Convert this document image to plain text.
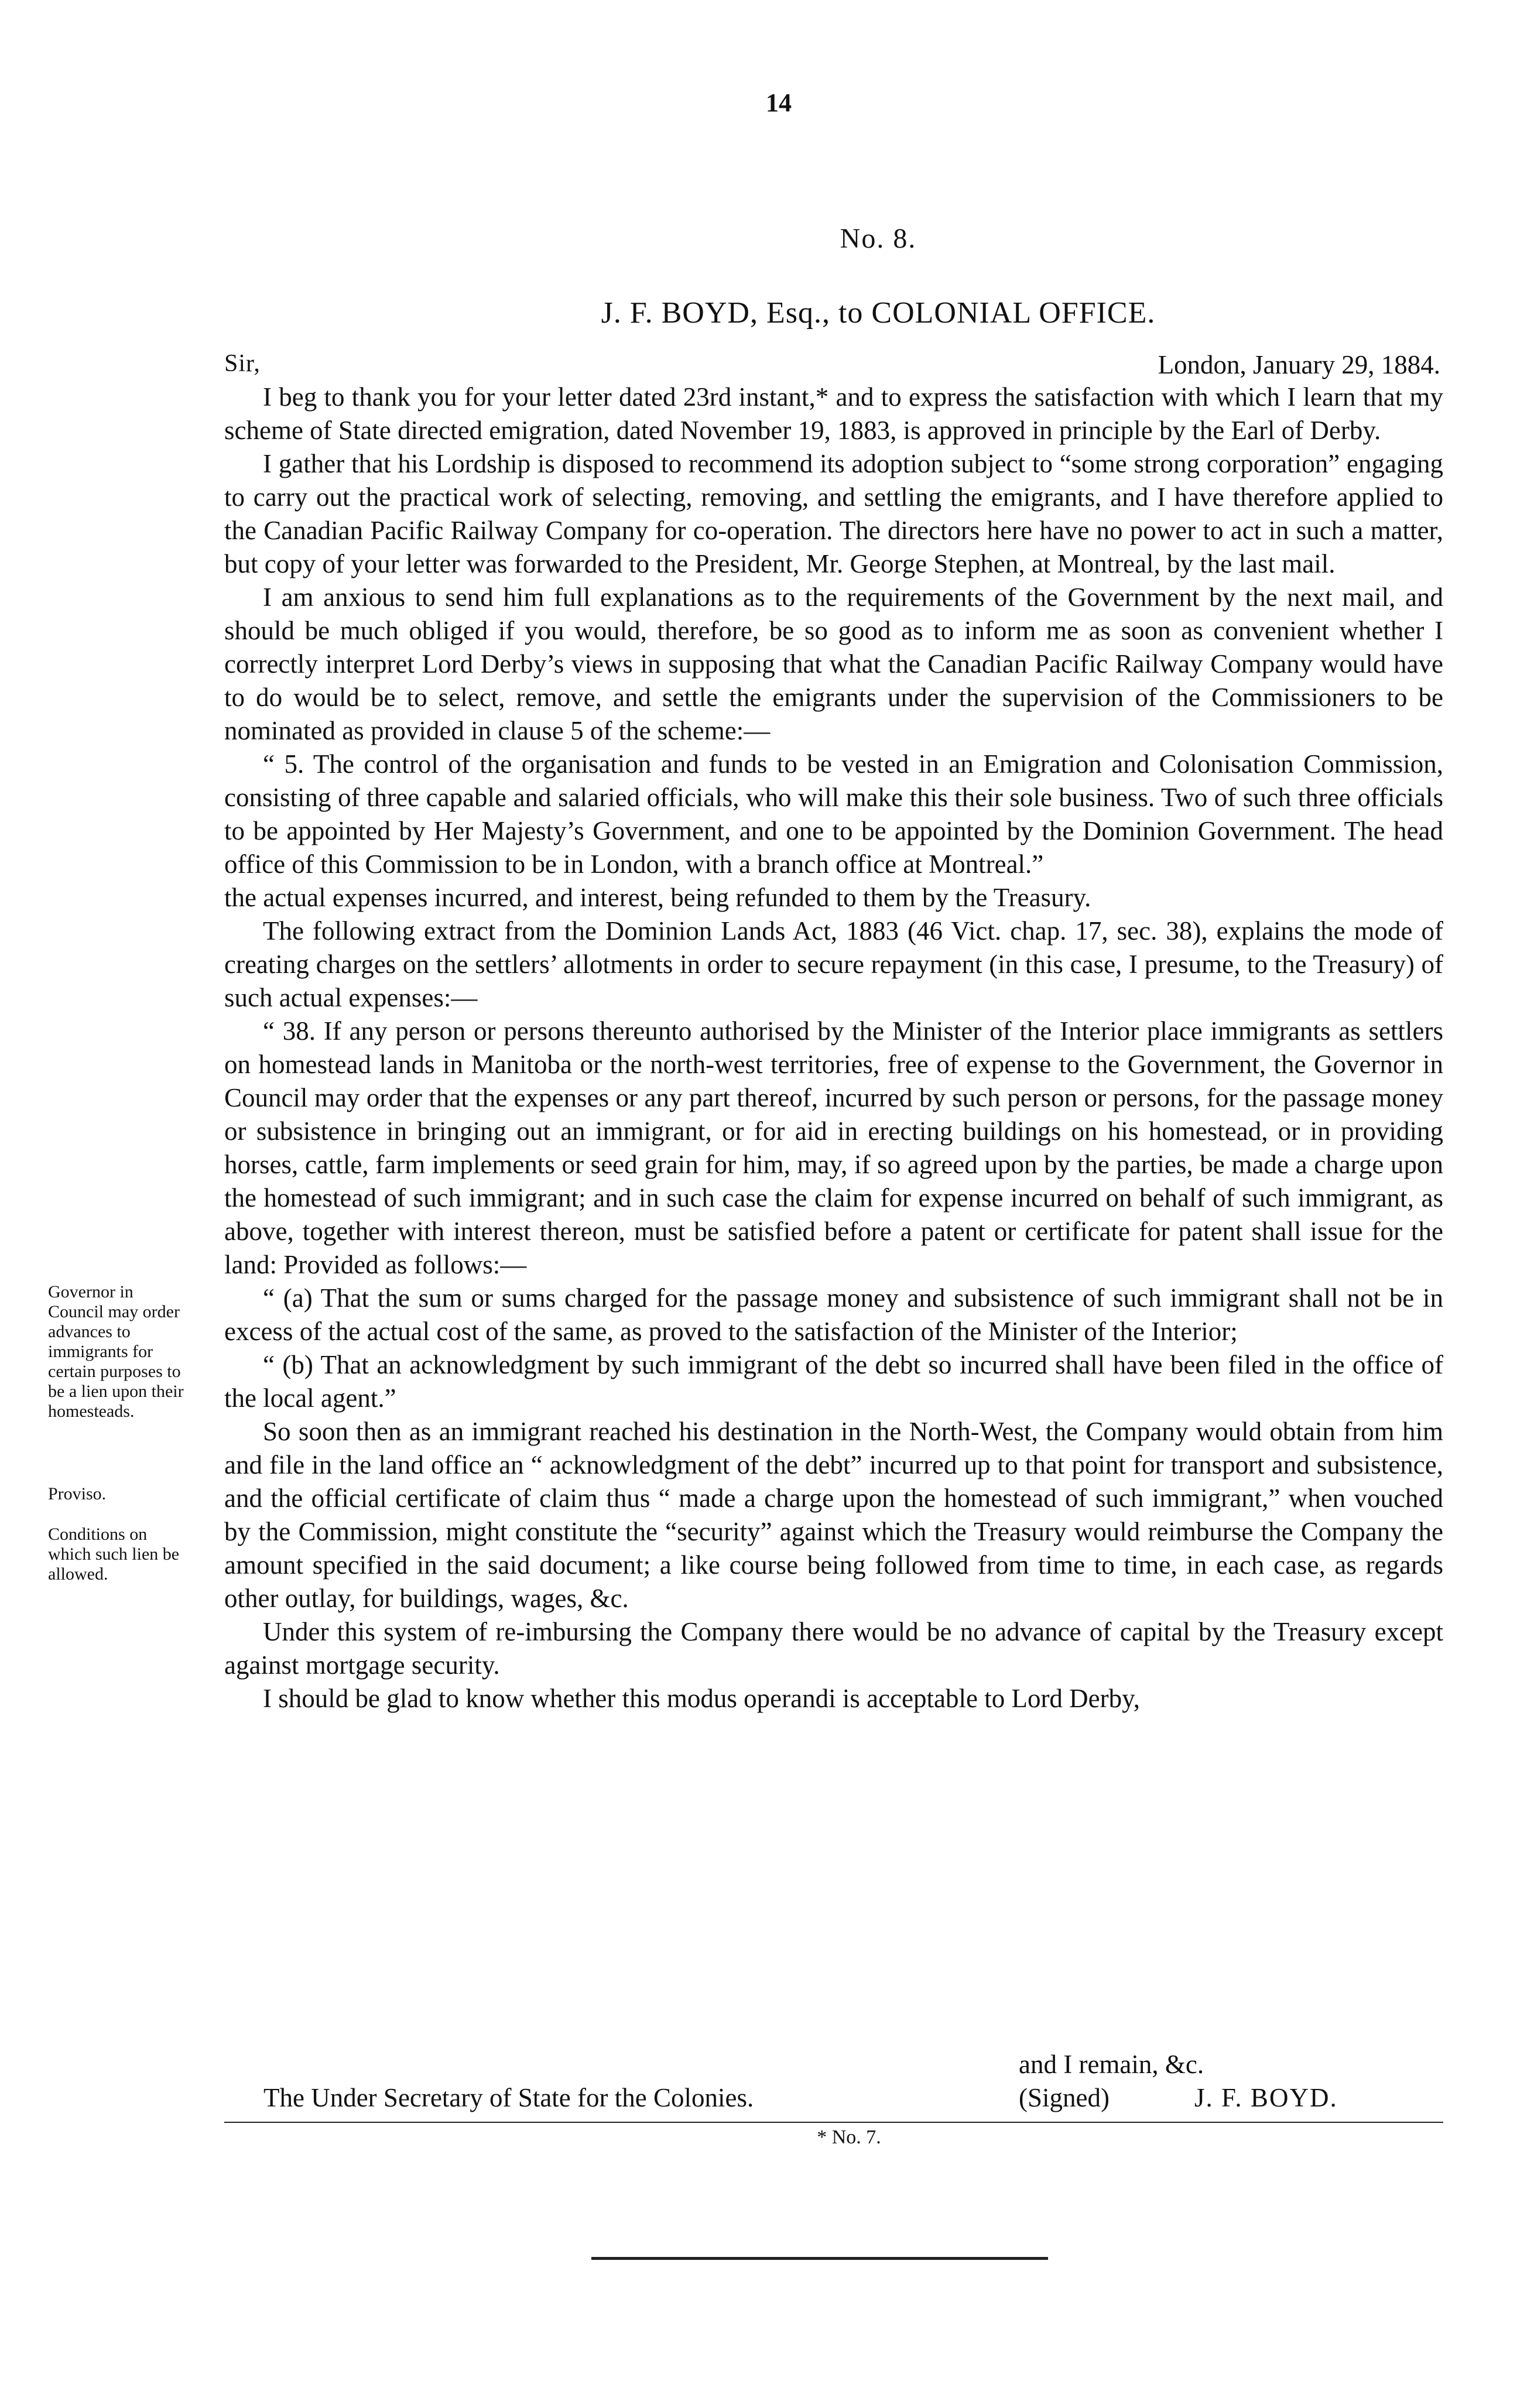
14
No. 8.
J. F. BOYD, Esq., to COLONIAL OFFICE.
Sir,	London, January 29, 1884.
Governor in Council may order advances to immigrants for certain purposes to be a lien upon their homesteads.
Proviso.
Conditions on which such lien be allowed.

I beg to thank you for your letter dated 23rd instant,* and to express the satisfaction with which I learn that my scheme of State directed emigration, dated November 19, 1883, is approved in principle by the Earl of Derby.

I gather that his Lordship is disposed to recommend its adoption subject to “some strong corporation” engaging to carry out the practical work of selecting, removing, and settling the emigrants, and I have therefore applied to the Canadian Pacific Railway Company for co-operation. The directors here have no power to act in such a matter, but copy of your letter was forwarded to the President, Mr. George Stephen, at Montreal, by the last mail.

I am anxious to send him full explanations as to the requirements of the Government by the next mail, and should be much obliged if you would, therefore, be so good as to inform me as soon as convenient whether I correctly interpret Lord Derby’s views in supposing that what the Canadian Pacific Railway Company would have to do would be to select, remove, and settle the emigrants under the supervision of the Commissioners to be nominated as provided in clause 5 of the scheme:—

“ 5. The control of the organisation and funds to be vested in an Emigration and Colonisation Commission, consisting of three capable and salaried officials, who will make this their sole business. Two of such three officials to be appointed by Her Majesty’s Government, and one to be appointed by the Dominion Government. The head office of this Commission to be in London, with a branch office at Montreal.”

the actual expenses incurred, and interest, being refunded to them by the Treasury.

The following extract from the Dominion Lands Act, 1883 (46 Vict. chap. 17, sec. 38), explains the mode of creating charges on the settlers’ allotments in order to secure repayment (in this case, I presume, to the Treasury) of such actual expenses:—

“ 38. If any person or persons thereunto authorised by the Minister of the Interior place immigrants as settlers on homestead lands in Manitoba or the north-west territories, free of expense to the Government, the Governor in Council may order that the expenses or any part thereof, incurred by such person or persons, for the passage money or subsistence in bringing out an immigrant, or for aid in erecting buildings on his homestead, or in providing horses, cattle, farm implements or seed grain for him, may, if so agreed upon by the parties, be made a charge upon the homestead of such immigrant; and in such case the claim for expense incurred on behalf of such immigrant, as above, together with interest thereon, must be satisfied before a patent or certificate for patent shall issue for the land: Provided as follows:—

“ (a) That the sum or sums charged for the passage money and subsistence of such immigrant shall not be in excess of the actual cost of the same, as proved to the satisfaction of the Minister of the Interior;

“ (b) That an acknowledgment by such immigrant of the debt so incurred shall have been filed in the office of the local agent.”

So soon then as an immigrant reached his destination in the North-West, the Company would obtain from him and file in the land office an “ acknowledgment of the debt” incurred up to that point for transport and subsistence, and the official certificate of claim thus “ made a charge upon the homestead of such immigrant,” when vouched by the Commission, might constitute the “security” against which the Treasury would reimburse the Company the amount specified in the said document; a like course being followed from time to time, in each case, as regards other outlay, for buildings, wages, &c.

Under this system of re-imbursing the Company there would be no advance of capital by the Treasury except against mortgage security.

I should be glad to know whether this modus operandi is acceptable to Lord Derby,

and I remain, &c.
The Under Secretary of State for the Colonies.	(Signed)	J. F. BOYD.
* No. 7.
